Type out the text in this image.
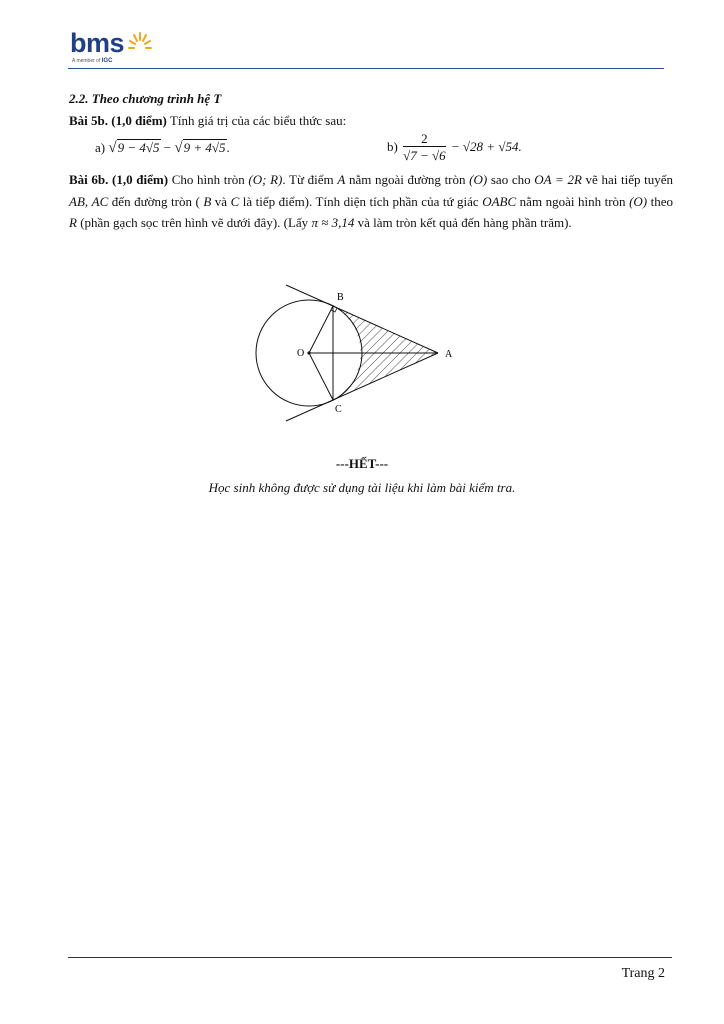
bms
A member of IGC
2.2. Theo chương trình hệ T
Bài 5b. (1,0 điểm) Tính giá trị của các biểu thức sau:
a) √9 − 4√5 − √9 + 4√5.	$b) \frac{2}{√7 - √6} - √28 + √54$.
Bài 6b. (1,0 điểm) Cho hình tròn (O; R). Từ điểm A nằm ngoài đường tròn (O) sao cho OA = 2R vẽ hai tiếp tuyến AB, AC đến đường tròn ( B và C là tiếp điểm). Tính diện tích phần của tứ giác OABC nằm ngoài hình tròn (O) theo R (phần gạch sọc trên hình vẽ dưới đây). (Lấy π ≈ 3,14 và làm tròn kết quả đến hàng phần trăm).
B
O	A
C
---HẾT---
Học sinh không được sử dụng tài liệu khi làm bài kiểm tra.
Trang 2
